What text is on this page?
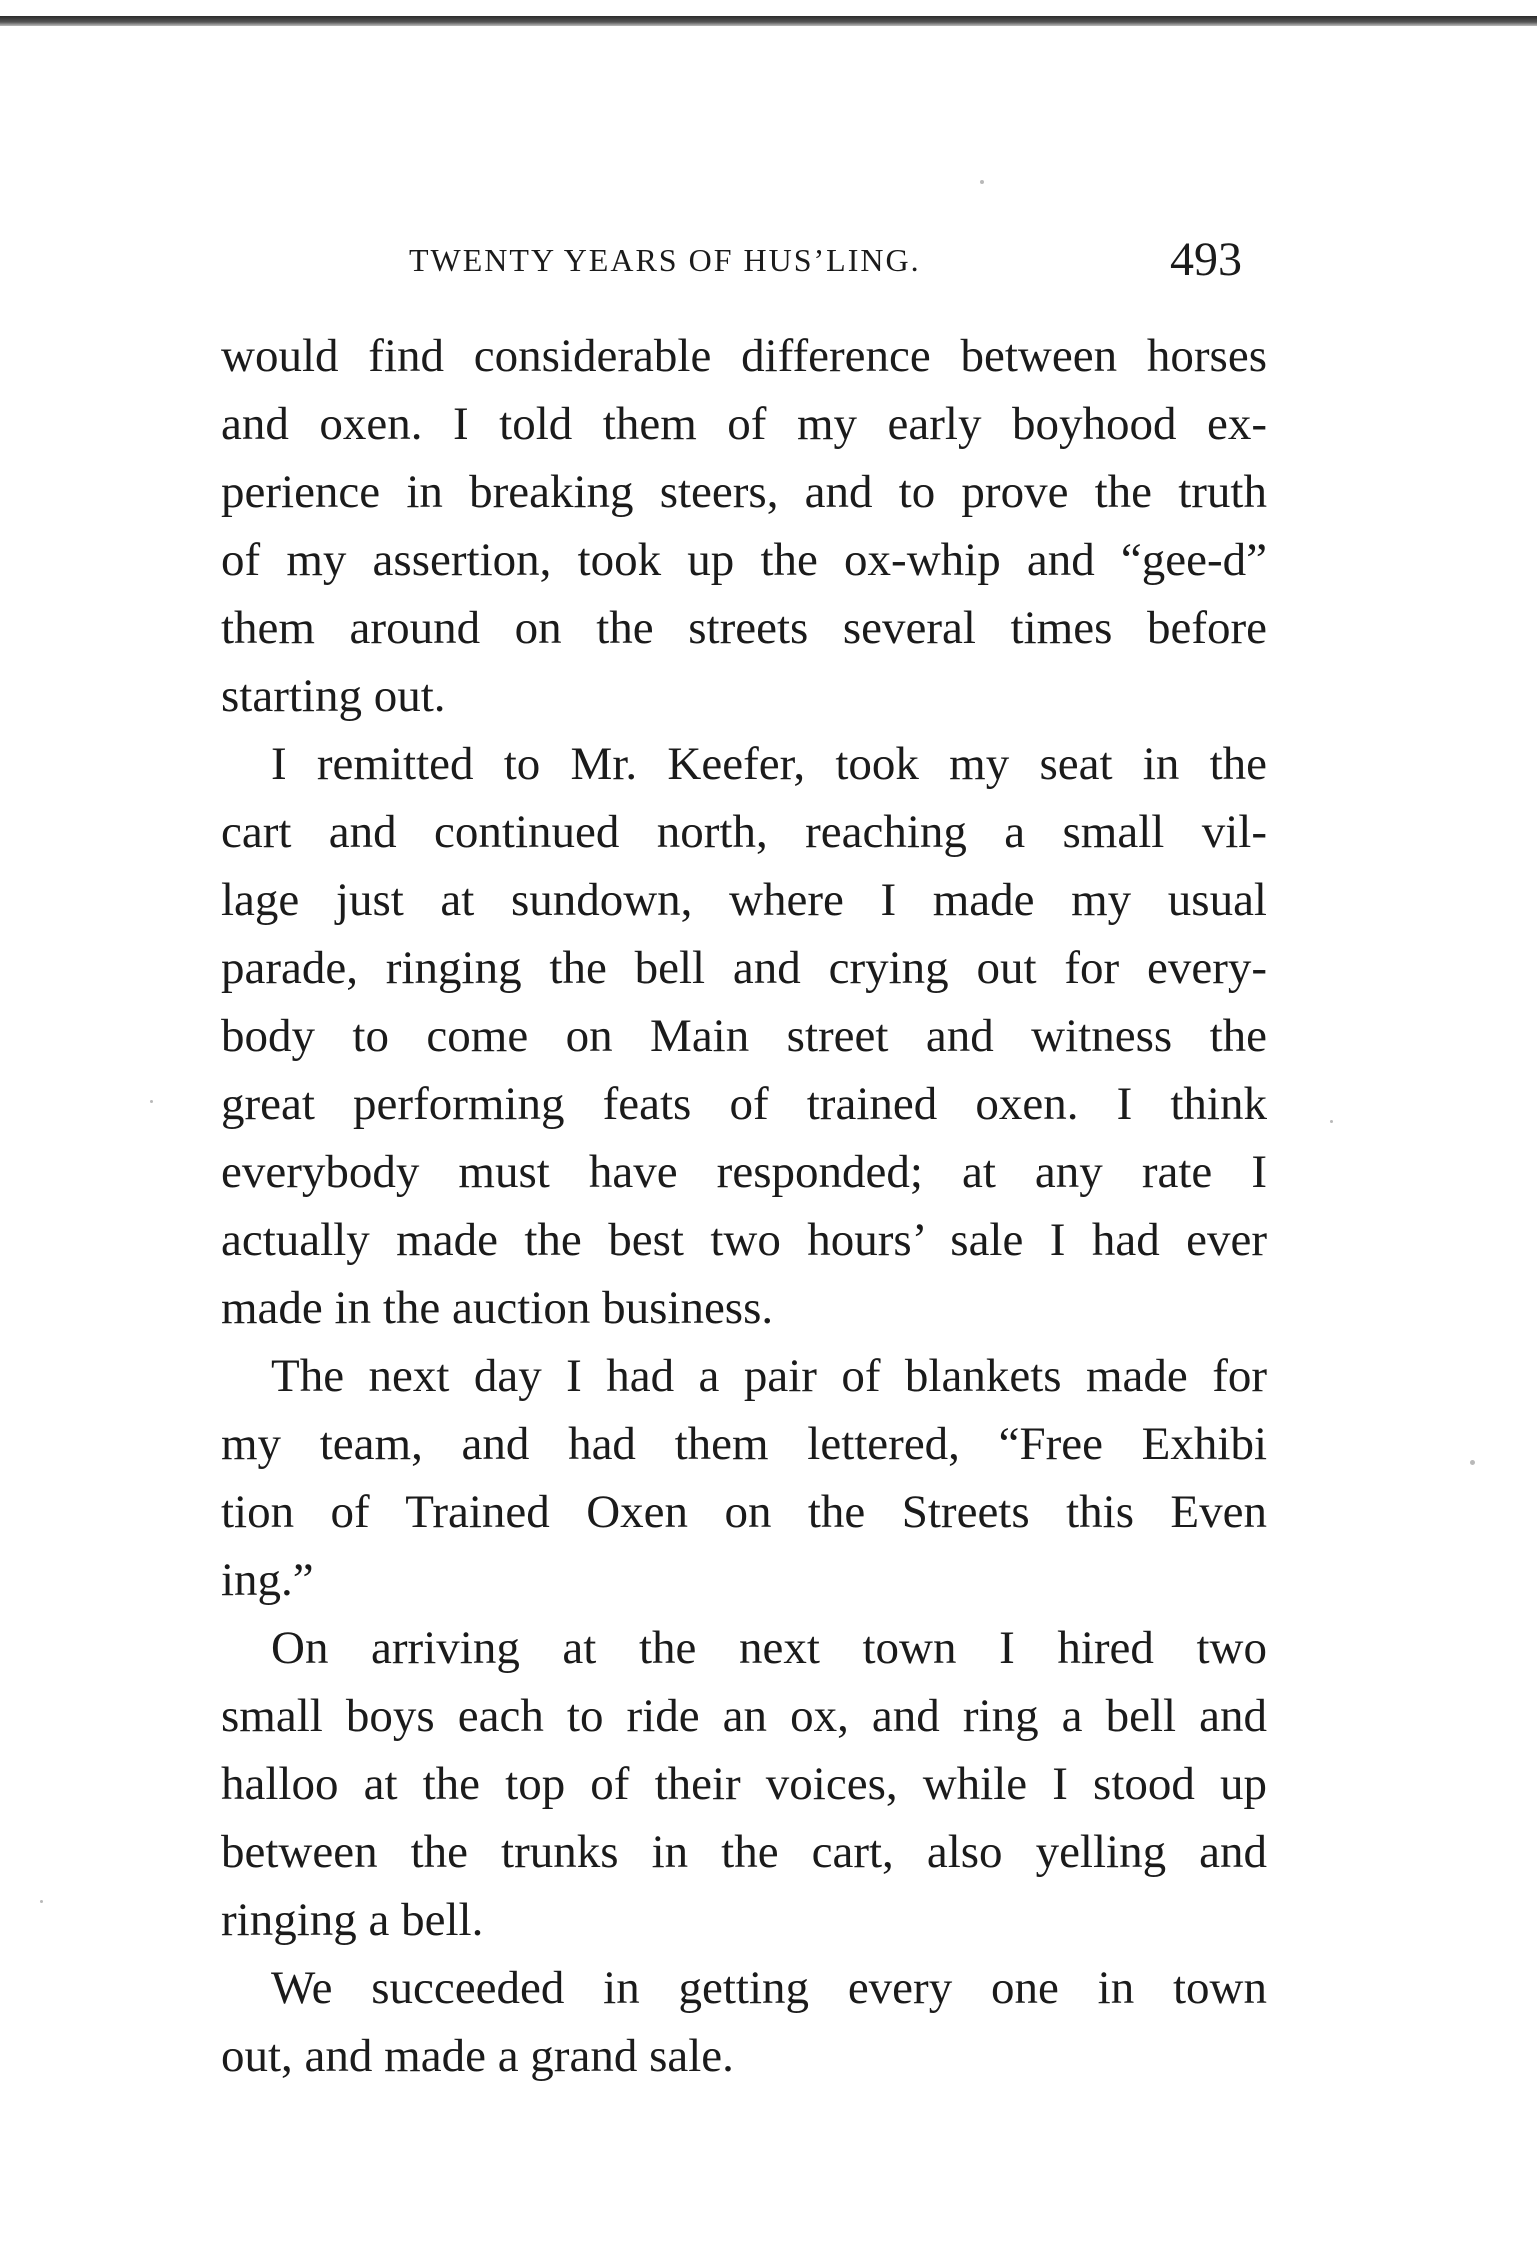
TWENTY YEARS OF HUS’LING.	493
would find considerable difference between horses
and oxen. I told them of my early boyhood ex-
perience in breaking steers, and to prove the truth
of my assertion, took up the ox-whip and “gee-d”
them around on the streets several times before
starting out.
I remitted to Mr. Keefer, took my seat in the
cart and continued north, reaching a small vil-
lage just at sundown, where I made my usual
parade, ringing the bell and crying out for every-
body to come on Main street and witness the
great performing feats of trained oxen. I think
everybody must have responded; at any rate I
actually made the best two hours’ sale I had ever
made in the auction business.
The next day I had a pair of blankets made for
my team, and had them lettered, “Free Exhibi
tion of Trained Oxen on the Streets this Even
ing.”
On arriving at the next town I hired two
small boys each to ride an ox, and ring a bell and
halloo at the top of their voices, while I stood up
between the trunks in the cart, also yelling and
ringing a bell.
We succeeded in getting every one in town
out, and made a grand sale.
